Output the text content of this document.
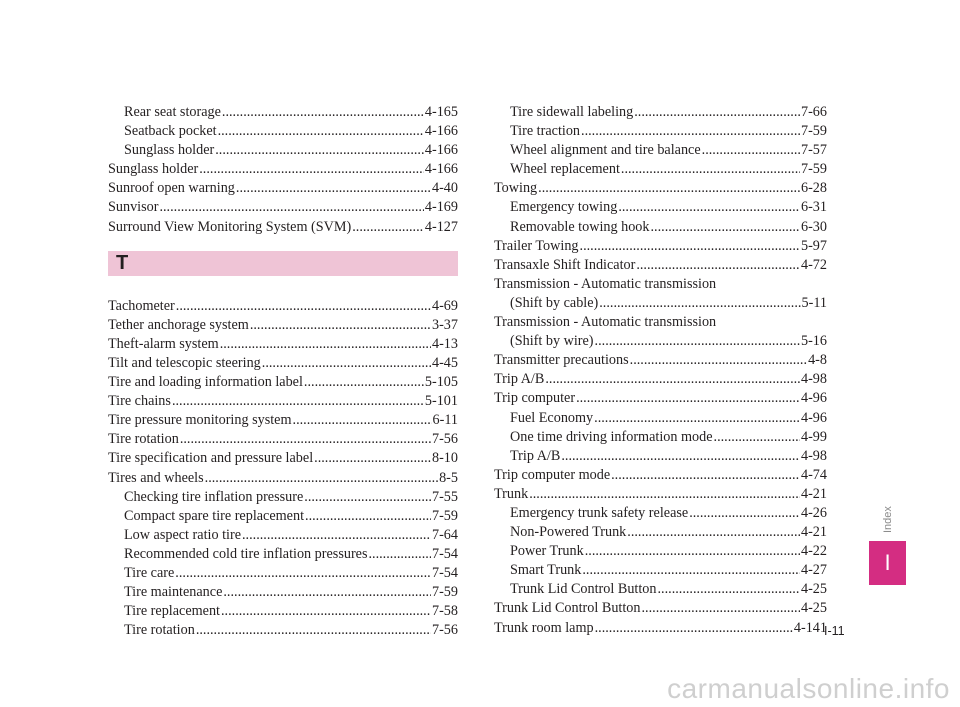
Rear seat storage .....	4-165
Seatback pocket .....	4-166
Sunglass holder .....	4-166
Sunglass holder .....	4-166
Sunroof open warning .....	4-40
Sunvisor .....	4-169
Surround View Monitoring System (SVM) .....	4-127
T
Tachometer .....	4-69
Tether anchorage system .....	3-37
Theft-alarm system .....	4-13
Tilt and telescopic steering .....	4-45
Tire and loading information label .....	5-105
Tire chains .....	5-101
Tire pressure monitoring system .....	6-11
Tire rotation .....	7-56
Tire specification and pressure label .....	8-10
Tires and wheels .....	8-5
Checking tire inflation pressure .....	7-55
Compact spare tire replacement .....	7-59
Low aspect ratio tire .....	7-64
Recommended cold tire inflation pressures .....	7-54
Tire care .....	7-54
Tire maintenance .....	7-59
Tire replacement .....	7-58
Tire rotation .....	7-56
Tire sidewall labeling .....	7-66
Tire traction .....	7-59
Wheel alignment and tire balance .....	7-57
Wheel replacement .....	7-59
Towing .....	6-28
Emergency towing .....	6-31
Removable towing hook .....	6-30
Trailer Towing .....	5-97
Transaxle Shift Indicator .....	4-72
Transmission - Automatic transmission
(Shift by cable) .....	5-11
Transmission - Automatic transmission
(Shift by wire) .....	5-16
Transmitter precautions .....	4-8
Trip A/B .....	4-98
Trip computer .....	4-96
Fuel Economy .....	4-96
One time driving information mode .....	4-99
Trip A/B .....	4-98
Trip computer mode .....	4-74
Trunk .....	4-21
Emergency trunk safety release .....	4-26
Non-Powered Trunk .....	4-21
Power Trunk .....	4-22
Smart Trunk .....	4-27
Trunk Lid Control Button .....	4-25
Trunk Lid Control Button .....	4-25
Trunk room lamp .....	4-141
Index
I
I-11
carmanualsonline.info
